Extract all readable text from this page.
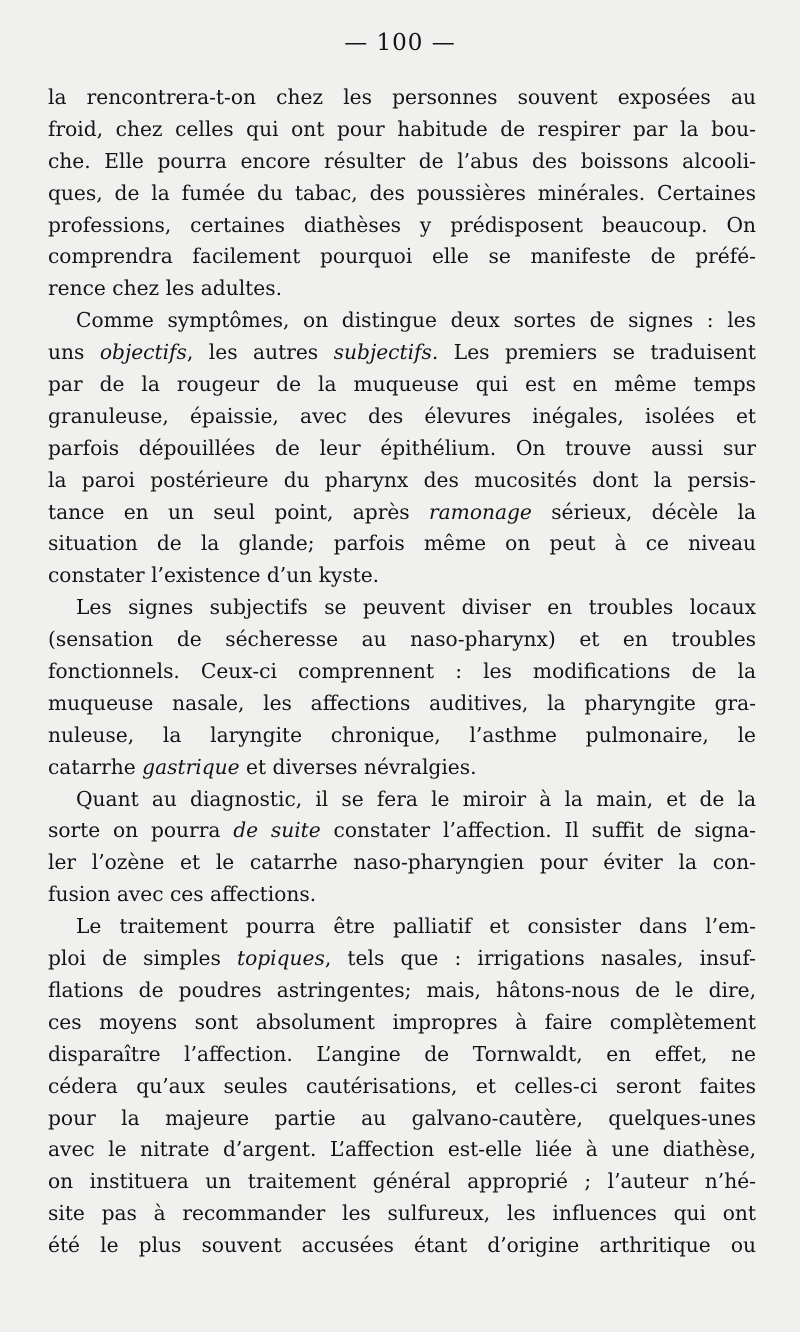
— 100 —
la rencontrera-t-on chez les personnes souvent exposées au
froid, chez celles qui ont pour habitude de respirer par la bou-
che. Elle pourra encore résulter de l’abus des boissons alcooli-
ques, de la fumée du tabac, des poussières minérales. Certaines
professions, certaines diathèses y prédisposent beaucoup. On
comprendra facilement pourquoi elle se manifeste de préfé-
rence chez les adultes.
Comme symptômes, on distingue deux sortes de signes : les
uns objectifs, les autres subjectifs. Les premiers se traduisent
par de la rougeur de la muqueuse qui est en même temps
granuleuse, épaissie, avec des élevures inégales, isolées et
parfois dépouillées de leur épithélium. On trouve aussi sur
la paroi postérieure du pharynx des mucosités dont la persis-
tance en un seul point, après ramonage sérieux, décèle la
situation de la glande; parfois même on peut à ce niveau
constater l’existence d’un kyste.
Les signes subjectifs se peuvent diviser en troubles locaux
(sensation de sécheresse au naso-pharynx) et en troubles
fonctionnels. Ceux-ci comprennent : les modifications de la
muqueuse nasale, les affections auditives, la pharyngite gra-
nuleuse, la laryngite chronique, l’asthme pulmonaire, le
catarrhe gastrique et diverses névralgies.
Quant au diagnostic, il se fera le miroir à la main, et de la
sorte on pourra de suite constater l’affection. Il suffit de signa-
ler l’ozène et le catarrhe naso-pharyngien pour éviter la con-
fusion avec ces affections.
Le traitement pourra être palliatif et consister dans l’em-
ploi de simples topiques, tels que : irrigations nasales, insuf-
flations de poudres astringentes; mais, hâtons-nous de le dire,
ces moyens sont absolument impropres à faire complètement
disparaître l’affection. L’angine de Tornwaldt, en effet, ne
cédera qu’aux seules cautérisations, et celles-ci seront faites
pour la majeure partie au galvano-cautère, quelques-unes
avec le nitrate d’argent. L’affection est-elle liée à une diathèse,
on instituera un traitement général approprié ; l’auteur n’hé-
site pas à recommander les sulfureux, les influences qui ont
été le plus souvent accusées étant d’origine arthritique ou
